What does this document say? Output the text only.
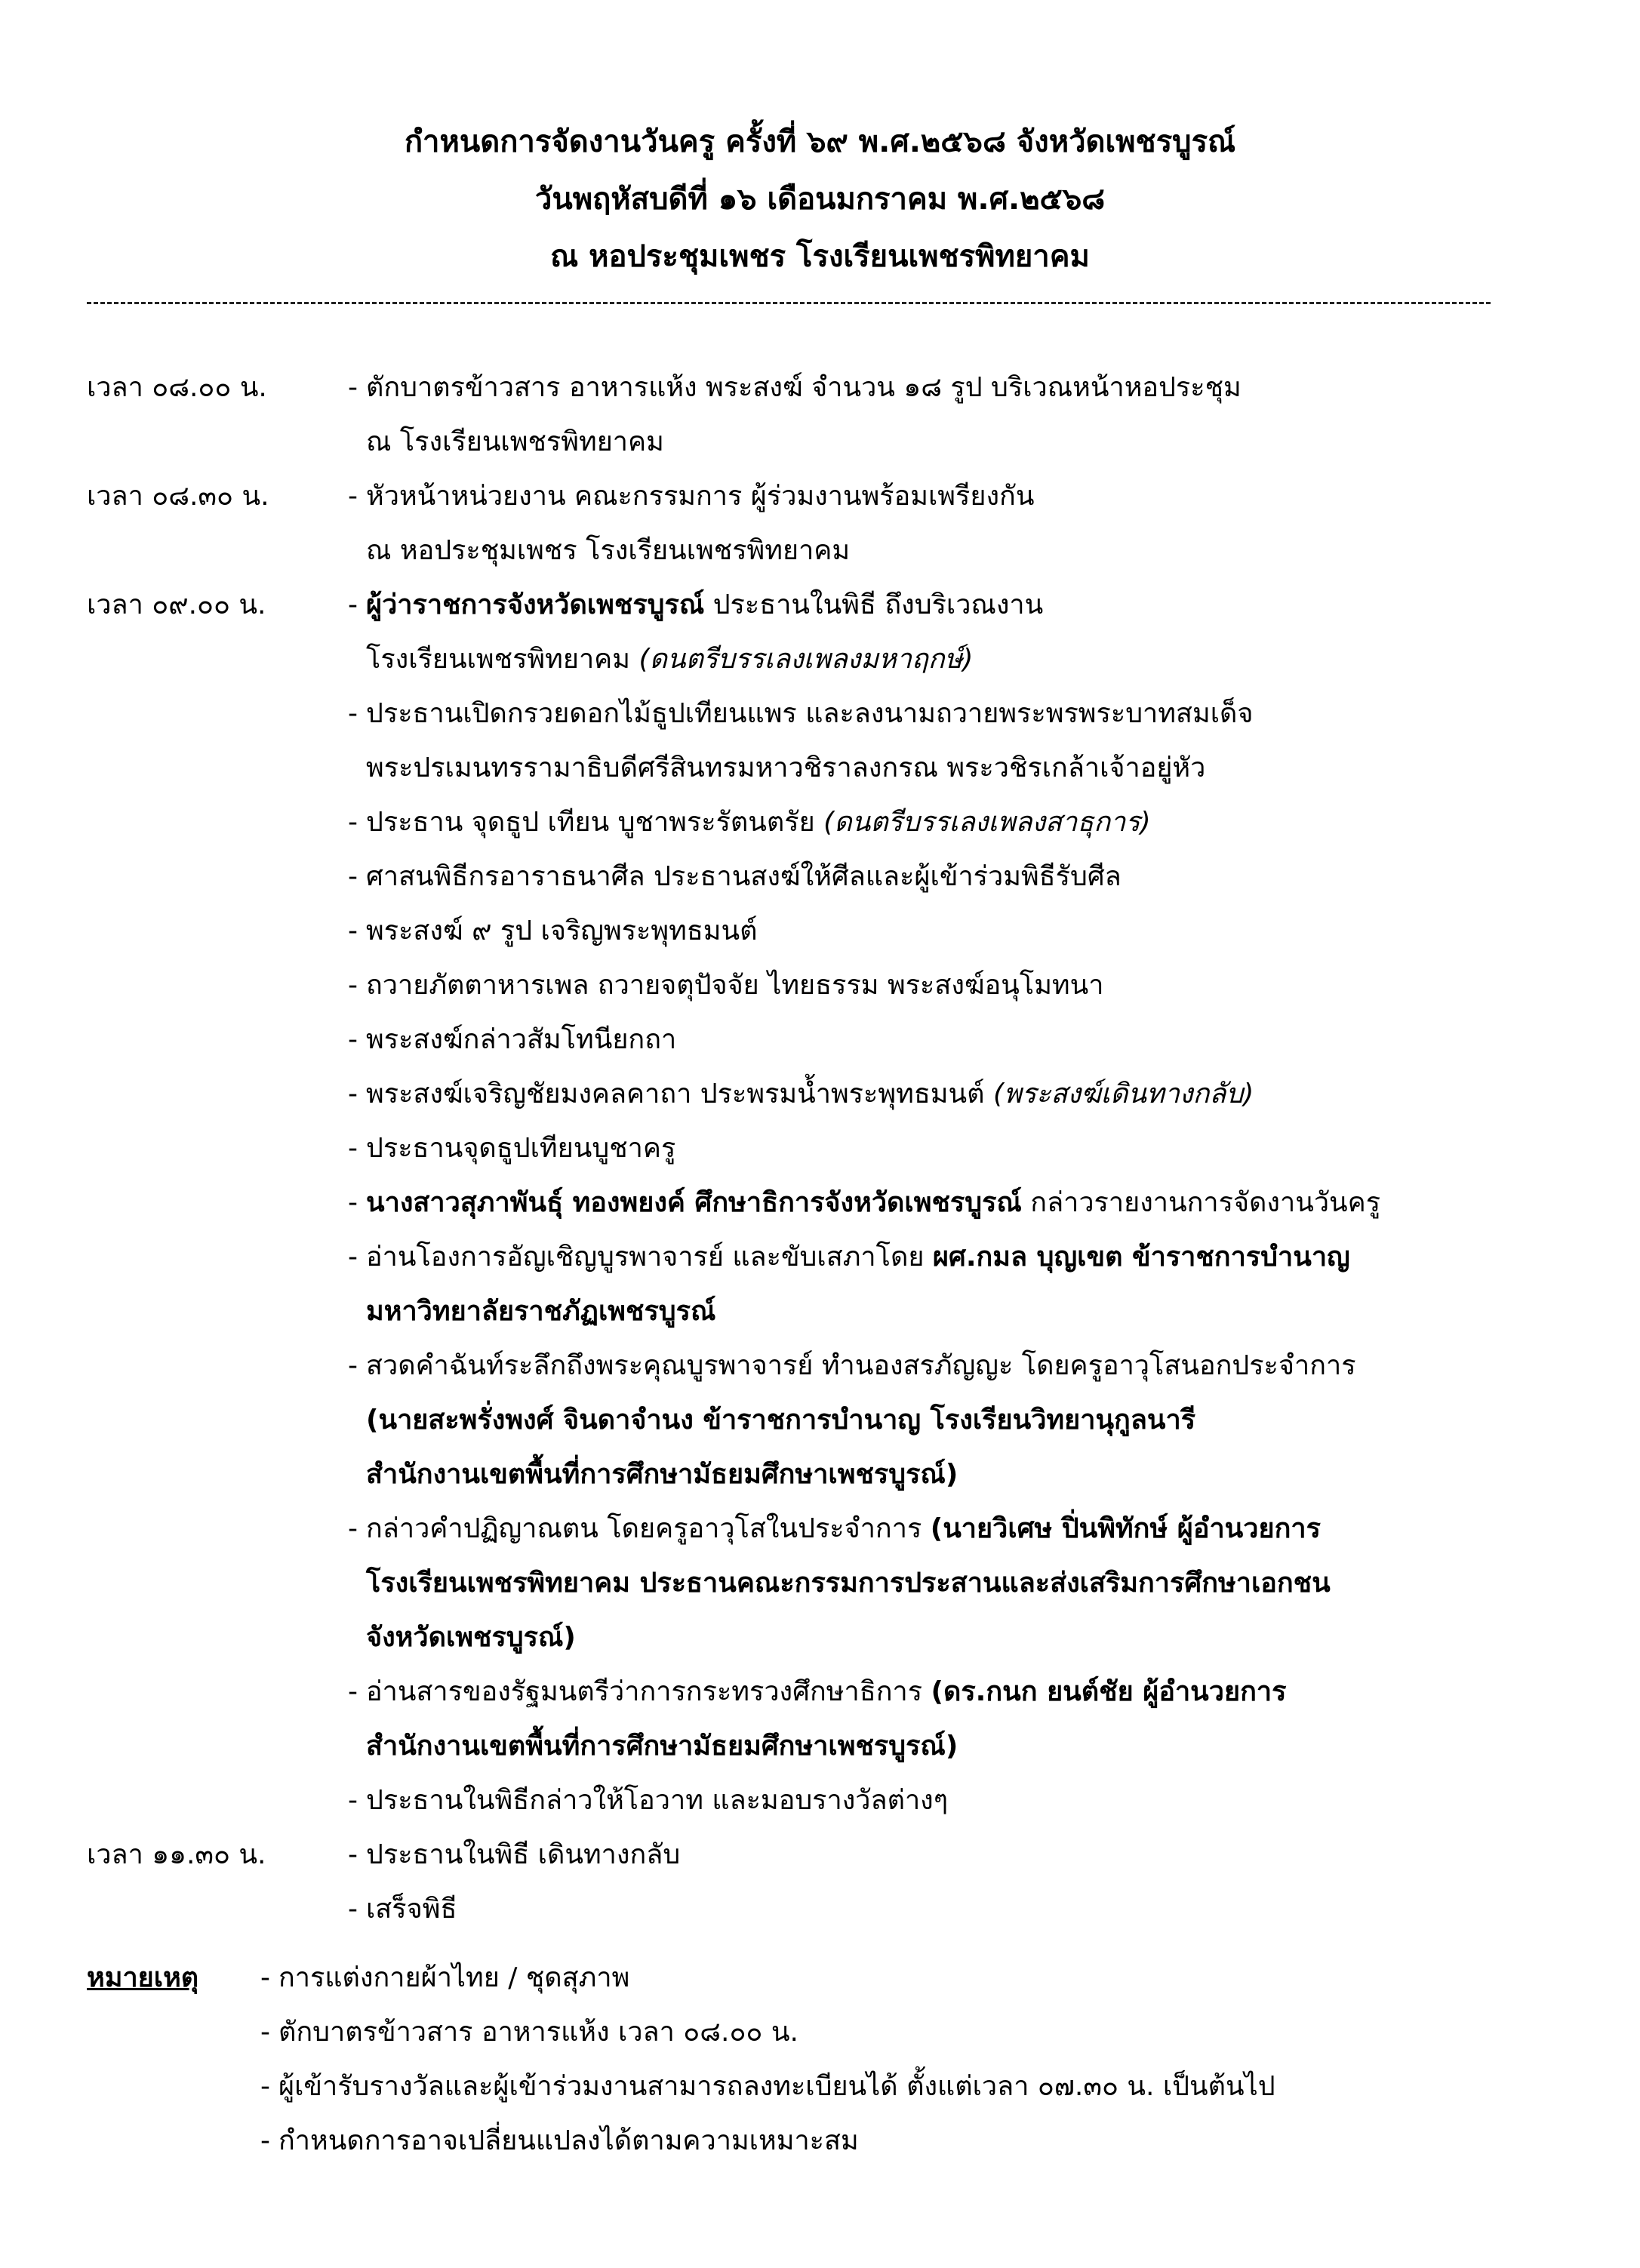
กำหนดการจัดงานวันครู ครั้งที่ ๖๙ พ.ศ.๒๕๖๘ จังหวัดเพชรบูรณ์
วันพฤหัสบดีที่ ๑๖ เดือนมกราคม พ.ศ.๒๕๖๘
ณ หอประชุมเพชร โรงเรียนเพชรพิทยาคม
เวลา ๐๘.๐๐ น.	- ตักบาตรข้าวสาร อาหารแห้ง พระสงฆ์ จำนวน ๑๘ รูป บริเวณหน้าหอประชุม
ณ โรงเรียนเพชรพิทยาคม
เวลา ๐๘.๓๐ น.	- หัวหน้าหน่วยงาน คณะกรรมการ ผู้ร่วมงานพร้อมเพรียงกัน
ณ หอประชุมเพชร โรงเรียนเพชรพิทยาคม
เวลา ๐๙.๐๐ น.	- ผู้ว่าราชการจังหวัดเพชรบูรณ์ ประธานในพิธี ถึงบริเวณงาน
โรงเรียนเพชรพิทยาคม (ดนตรีบรรเลงเพลงมหาฤกษ์)
- ประธานเปิดกรวยดอกไม้ธูปเทียนแพร และลงนามถวายพระพรพระบาทสมเด็จ
พระปรเมนทรรามาธิบดีศรีสินทรมหาวชิราลงกรณ พระวชิรเกล้าเจ้าอยู่หัว
- ประธาน จุดธูป เทียน บูชาพระรัตนตรัย (ดนตรีบรรเลงเพลงสาธุการ)
- ศาสนพิธีกรอาราธนาศีล ประธานสงฆ์ให้ศีลและผู้เข้าร่วมพิธีรับศีล
- พระสงฆ์ ๙ รูป เจริญพระพุทธมนต์
- ถวายภัตตาหารเพล ถวายจตุปัจจัย ไทยธรรม พระสงฆ์อนุโมทนา
- พระสงฆ์กล่าวสัมโทนียกถา
- พระสงฆ์เจริญชัยมงคลคาถา ประพรมน้ำพระพุทธมนต์ (พระสงฆ์เดินทางกลับ)
- ประธานจุดธูปเทียนบูชาครู
- นางสาวสุภาพันธุ์ ทองพยงค์ ศึกษาธิการจังหวัดเพชรบูรณ์ กล่าวรายงานการจัดงานวันครู
- อ่านโองการอัญเชิญบูรพาจารย์ และขับเสภาโดย ผศ.กมล บุญเขต ข้าราชการบำนาญ
มหาวิทยาลัยราชภัฏเพชรบูรณ์
- สวดคำฉันท์ระลึกถึงพระคุณบูรพาจารย์ ทำนองสรภัญญะ โดยครูอาวุโสนอกประจำการ
(นายสะพรั่งพงศ์ จินดาจำนง ข้าราชการบำนาญ โรงเรียนวิทยานุกูลนารี
สำนักงานเขตพื้นที่การศึกษามัธยมศึกษาเพชรบูรณ์)
- กล่าวคำปฏิญาณตน โดยครูอาวุโสในประจำการ (นายวิเศษ ปิ่นพิทักษ์ ผู้อำนวยการ
โรงเรียนเพชรพิทยาคม ประธานคณะกรรมการประสานและส่งเสริมการศึกษาเอกชน
จังหวัดเพชรบูรณ์)
- อ่านสารของรัฐมนตรีว่าการกระทรวงศึกษาธิการ (ดร.กนก ยนต์ชัย ผู้อำนวยการ
สำนักงานเขตพื้นที่การศึกษามัธยมศึกษาเพชรบูรณ์)
- ประธานในพิธีกล่าวให้โอวาท และมอบรางวัลต่างๆ
เวลา ๑๑.๓๐ น.	- ประธานในพิธี เดินทางกลับ
- เสร็จพิธี
หมายเหตุ - การแต่งกายผ้าไทย / ชุดสุภาพ
- ตักบาตรข้าวสาร อาหารแห้ง เวลา ๐๘.๐๐ น.
- ผู้เข้ารับรางวัลและผู้เข้าร่วมงานสามารถลงทะเบียนได้ ตั้งแต่เวลา ๐๗.๓๐ น. เป็นต้นไป
- กำหนดการอาจเปลี่ยนแปลงได้ตามความเหมาะสม
